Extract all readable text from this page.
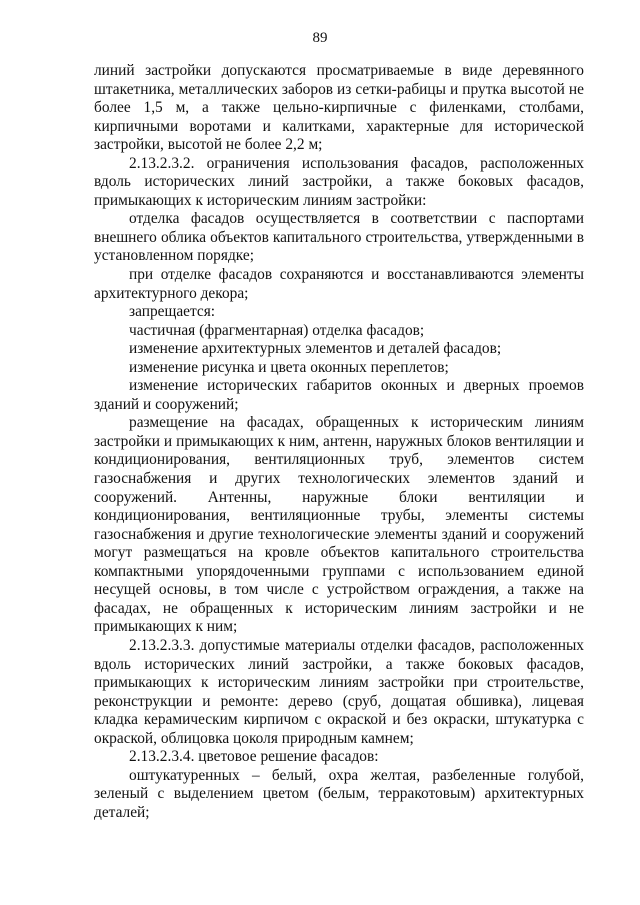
89

линий застройки допускаются просматриваемые в виде деревянного штакетника, металлических заборов из сетки-рабицы и прутка высотой не более 1,5 м, а также цельно-кирпичные с филенками, столбами, кирпичными воротами и калитками, характерные для исторической застройки, высотой не более 2,2 м;

2.13.2.3.2. ограничения использования фасадов, расположенных вдоль исторических линий застройки, а также боковых фасадов, примыкающих к историческим линиям застройки:

отделка фасадов осуществляется в соответствии с паспортами внешнего облика объектов капитального строительства, утвержденными в установленном порядке;

при отделке фасадов сохраняются и восстанавливаются элементы архитектурного декора;

запрещается:

частичная (фрагментарная) отделка фасадов;

изменение архитектурных элементов и деталей фасадов;

изменение рисунка и цвета оконных переплетов;

изменение исторических габаритов оконных и дверных проемов зданий и сооружений;

размещение на фасадах, обращенных к историческим линиям застройки и примыкающих к ним, антенн, наружных блоков вентиляции и кондиционирования, вентиляционных труб, элементов систем газоснабжения и других технологических элементов зданий и сооружений. Антенны, наружные блоки вентиляции и кондиционирования, вентиляционные трубы, элементы системы газоснабжения и другие технологические элементы зданий и сооружений могут размещаться на кровле объектов капитального строительства компактными упорядоченными группами с использованием единой несущей основы, в том числе с устройством ограждения, а также на фасадах, не обращенных к историческим линиям застройки и не примыкающих к ним;

2.13.2.3.3. допустимые материалы отделки фасадов, расположенных вдоль исторических линий застройки, а также боковых фасадов, примыкающих к историческим линиям застройки при строительстве, реконструкции и ремонте: дерево (сруб, дощатая обшивка), лицевая кладка керамическим кирпичом с окраской и без окраски, штукатурка с окраской, облицовка цоколя природным камнем;

2.13.2.3.4. цветовое решение фасадов:

оштукатуренных – белый, охра желтая, разбеленные голубой, зеленый с выделением цветом (белым, терракотовым) архитектурных деталей;
